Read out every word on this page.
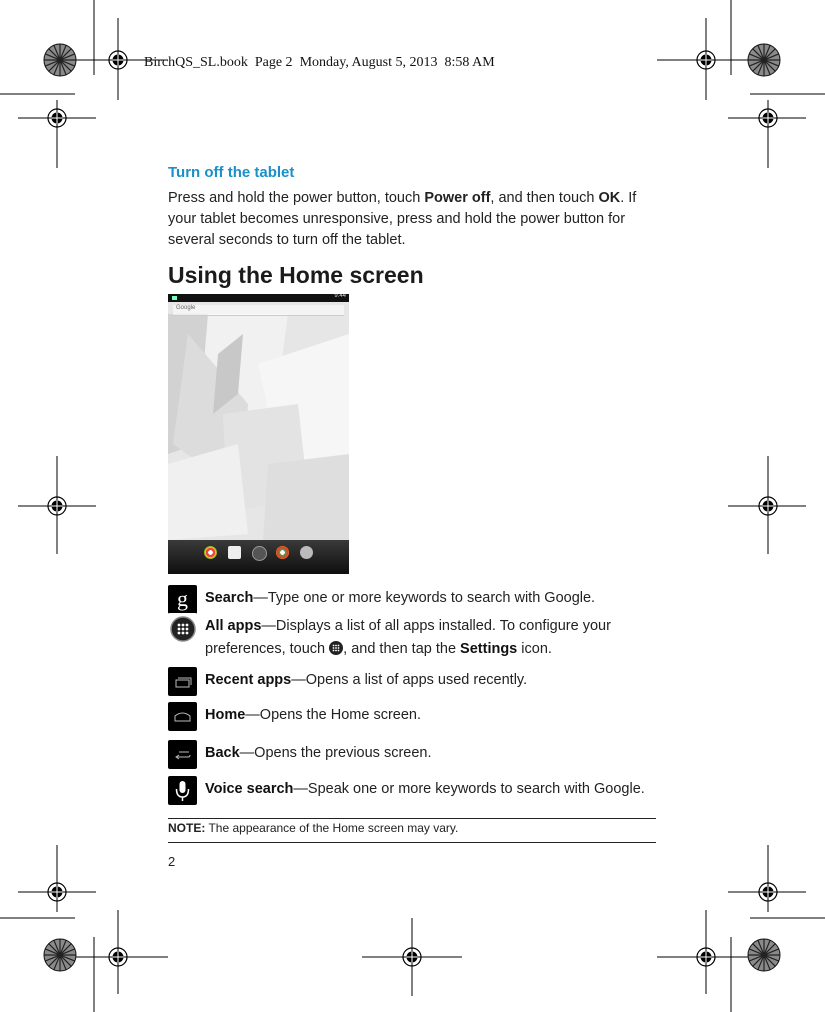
BirchQS_SL.book Page 2 Monday, August 5, 2013 8:58 AM
Turn off the tablet

Press and hold the power button, touch Power off, and then touch OK. If your tablet becomes unresponsive, press and hold the power button for several seconds to turn off the tablet.

Using the Home screen
9:44
Google
g Search—Type one or more keywords to search with Google.

All apps—Displays a list of all apps installed. To configure your preferences, touch
, and then tap the Settings icon.

Recent apps—Opens a list of apps used recently.

Home—Opens the Home screen.

Back—Opens the previous screen.

Voice search—Speak one or more keywords to search with Google.

NOTE: The appearance of the Home screen may vary.

2
